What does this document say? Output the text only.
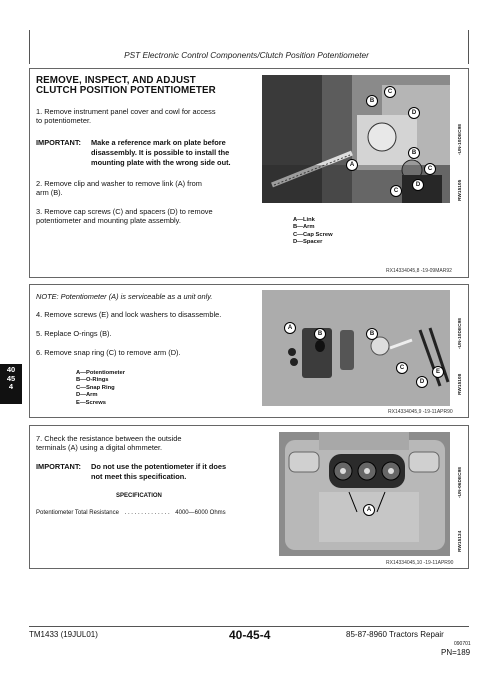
PST Electronic Control Components/Clutch Position Potentiometer
REMOVE, INSPECT, AND ADJUST
CLUTCH POSITION POTENTIOMETER
1. Remove instrument panel cover and cowl for access
to potentiometer.
IMPORTANT: Make a reference mark on plate before
disassembly. It is possible to install the
mounting plate with the wrong side out.
2. Remove clip and washer to remove link (A) from
arm (B).
3. Remove cap screws (C) and spacers (D) to remove
potentiometer and mounting plate assembly.
B
C
D
A
B
C
D
C	RW15105
-UN-10DEC98
A—Link
B—Arm
C—Cap Screw
D—Spacer
RX14334045,8 -19-09MAR92
NOTE: Potentiometer (A) is serviceable as a unit only.
4. Remove screws (E) and lock washers to disassemble.
5. Replace O-rings (B).
6. Remove snap ring (C) to remove arm (D).
A
B	B
C
D
E
RW15108
-UN-10DEC98
A—Potentiometer
B—O-Rings
C—Snap Ring
D—Arm
E—Screws
RX14334045,9 -19-11APR90
7. Check the resistance between the outside
terminals (A) using a digital ohmmeter.
IMPORTANT: Do not use the potentiometer if it does
not meet this specification.
SPECIFICATION
Potentiometer Total Resistance . . . . . . . . . . . . . . 4000—6000 Ohms	A
RW15134
-UN-06DEC98
RX14334045,10 -19-11APR90
40
45
4
TM1433 (19JUL01)	40-45-4	85-87-8960 Tractors Repair
090701
PN=189
